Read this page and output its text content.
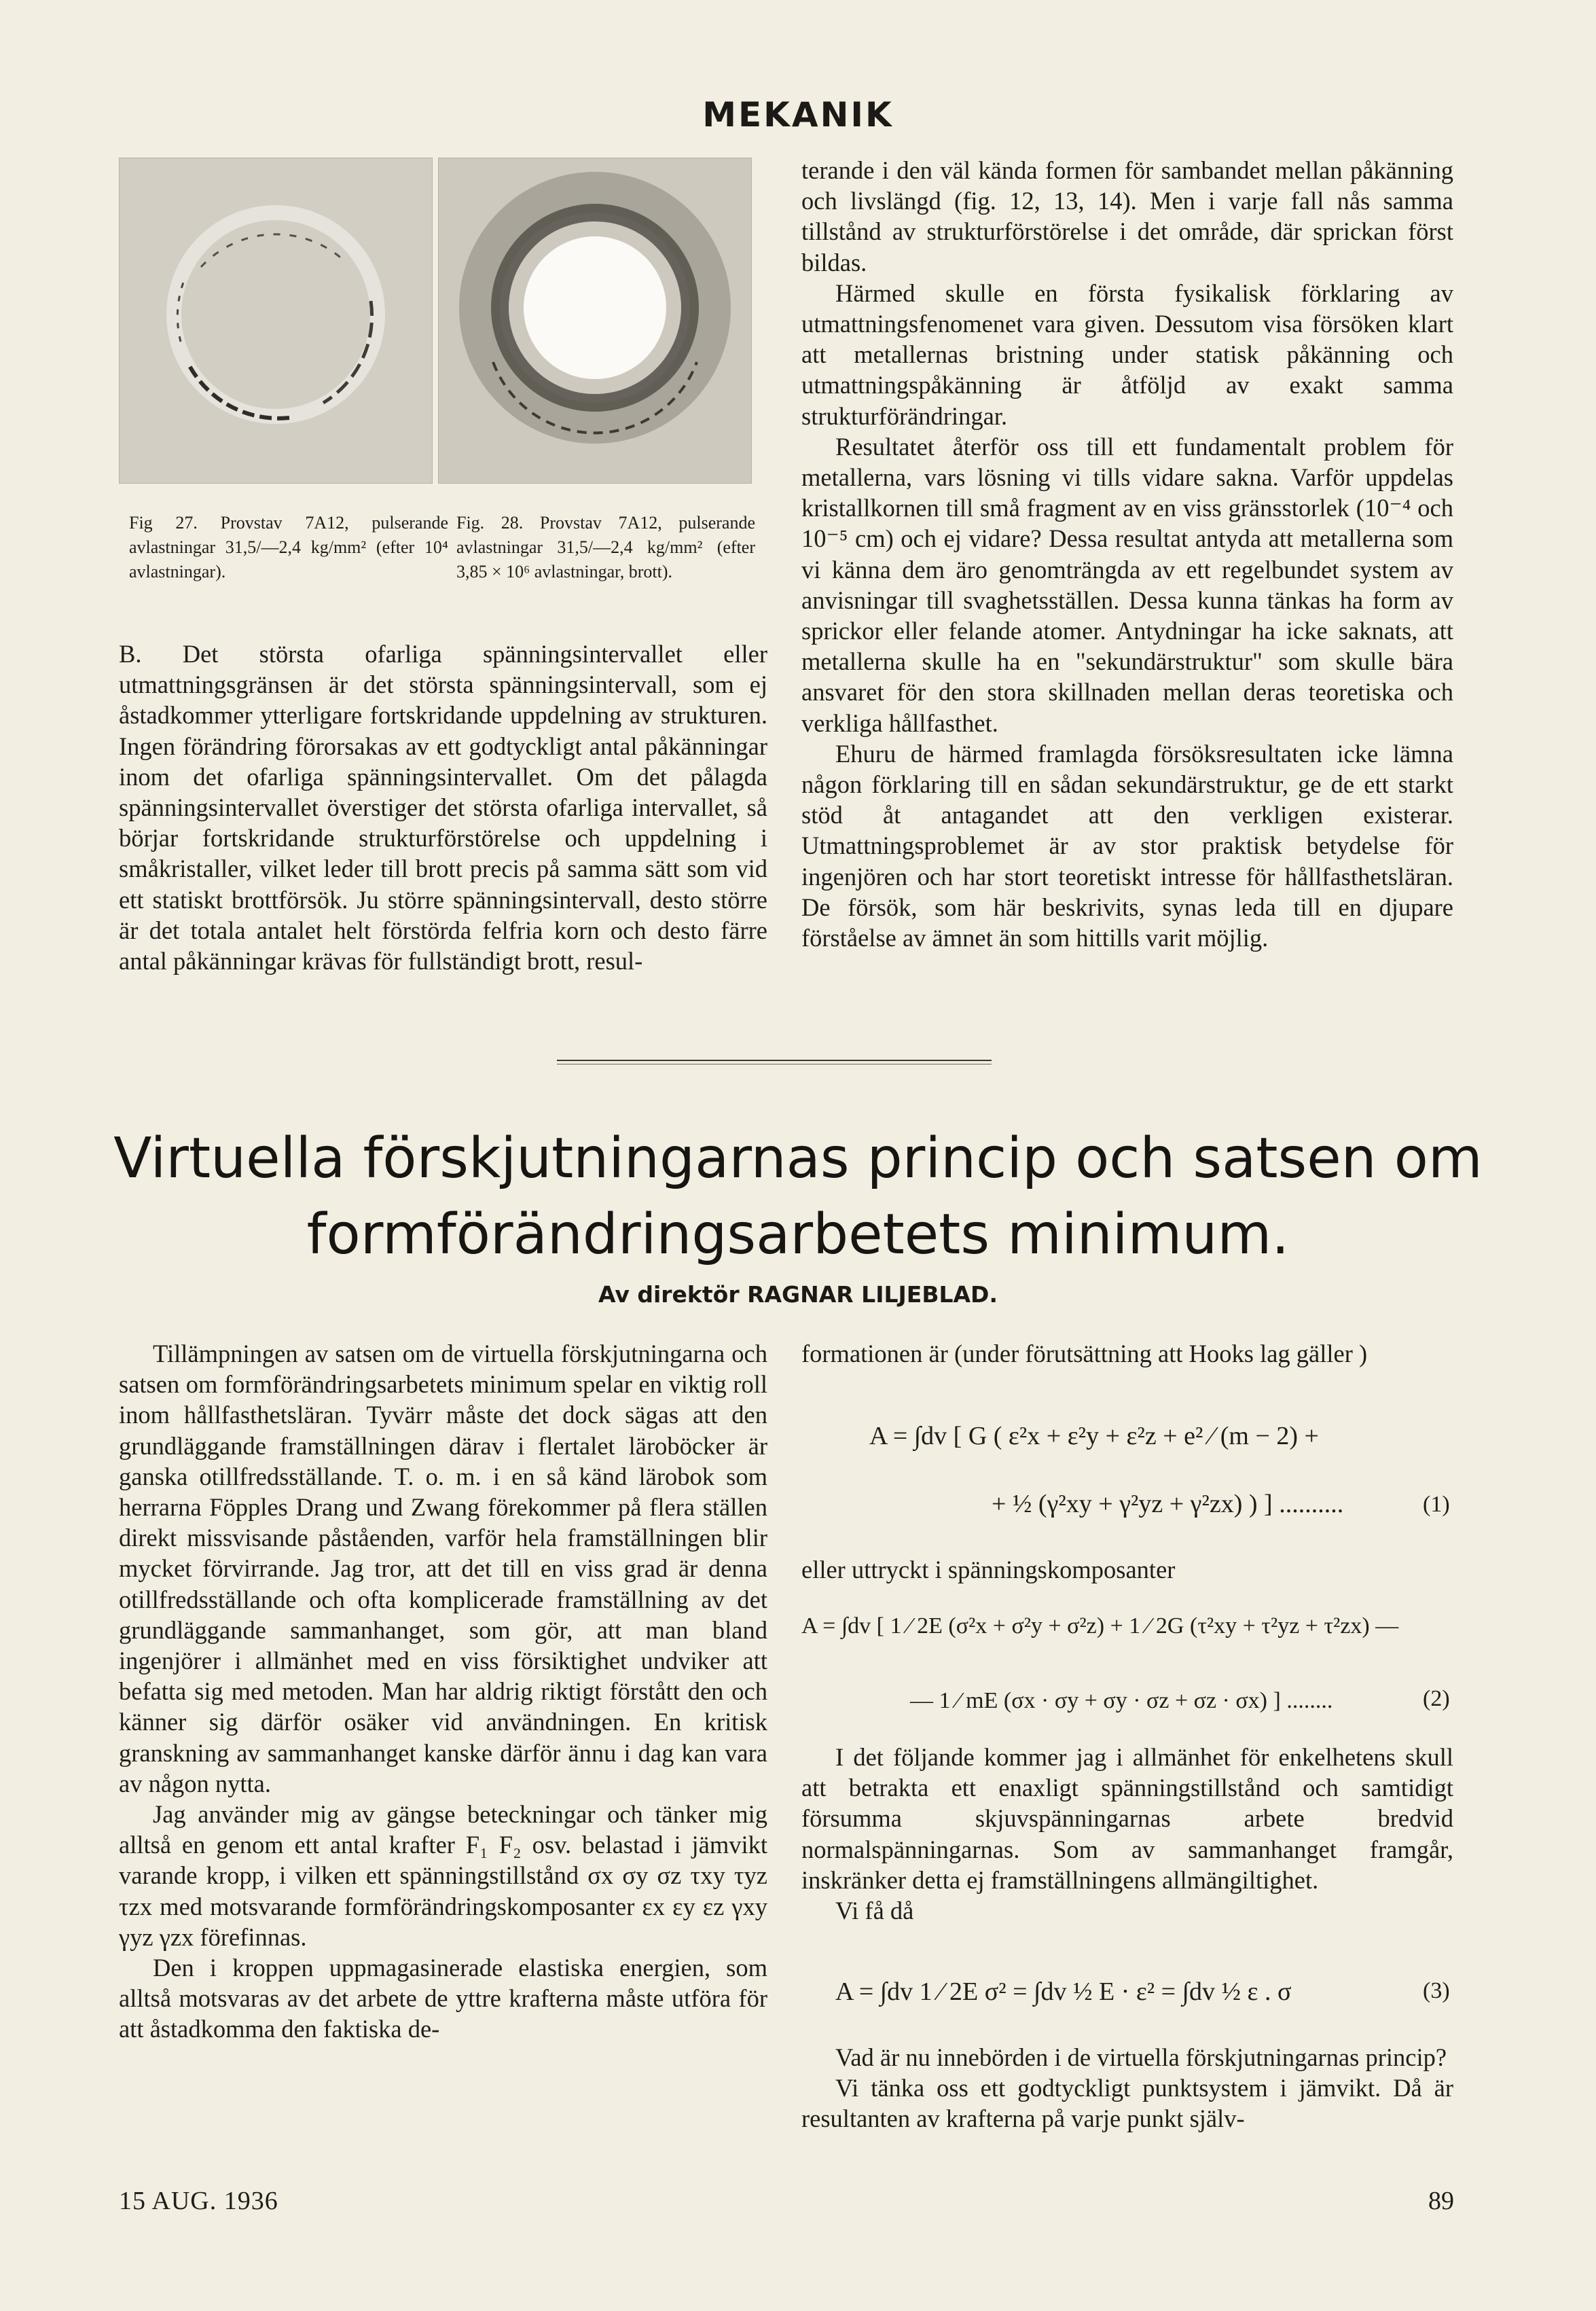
MEKANIK
Fig 27. Provstav 7A12, pulserande avlastningar 31,5/—2,4 kg/mm² (efter 10⁴ avlastningar).
Fig. 28. Provstav 7A12, pulserande avlastningar 31,5/—2,4 kg/mm² (efter 3,85 × 10⁶ avlastningar, brott).

B. Det största ofarliga spänningsintervallet eller utmattningsgränsen är det största spänningsintervall, som ej åstadkommer ytterligare fortskridande uppdelning av strukturen. Ingen förändring förorsakas av ett godtyckligt antal påkänningar inom det ofarliga spänningsintervallet. Om det pålagda spänningsintervallet överstiger det största ofarliga intervallet, så börjar fortskridande strukturförstörelse och uppdelning i småkristaller, vilket leder till brott precis på samma sätt som vid ett statiskt brottförsök. Ju större spänningsintervall, desto större är det totala antalet helt förstörda felfria korn och desto färre antal påkänningar krävas för fullständigt brott, resul-

terande i den väl kända formen för sambandet mellan påkänning och livslängd (fig. 12, 13, 14). Men i varje fall nås samma tillstånd av strukturförstörelse i det område, där sprickan först bildas.

Härmed skulle en första fysikalisk förklaring av utmattningsfenomenet vara given. Dessutom visa försöken klart att metallernas bristning under statisk påkänning och utmattningspåkänning är åtföljd av exakt samma strukturförändringar.

Resultatet återför oss till ett fundamentalt problem för metallerna, vars lösning vi tills vidare sakna. Varför uppdelas kristallkornen till små fragment av en viss gränsstorlek (10⁻⁴ och 10⁻⁵ cm) och ej vidare? Dessa resultat antyda att metallerna som vi känna dem äro genomträngda av ett regelbundet system av anvisningar till svaghetsställen. Dessa kunna tänkas ha form av sprickor eller felande atomer. Antydningar ha icke saknats, att metallerna skulle ha en "sekundärstruktur" som skulle bära ansvaret för den stora skillnaden mellan deras teoretiska och verkliga hållfasthet.

Ehuru de härmed framlagda försöksresultaten icke lämna någon förklaring till en sådan sekundärstruktur, ge de ett starkt stöd åt antagandet att den verkligen existerar. Utmattningsproblemet är av stor praktisk betydelse för ingenjören och har stort teoretiskt intresse för hållfasthetsläran. De försök, som här beskrivits, synas leda till en djupare förståelse av ämnet än som hittills varit möjlig.

Virtuella förskjutningarnas princip och satsen om
formförändringsarbetets minimum.
Av direktör RAGNAR LILJEBLAD.

Tillämpningen av satsen om de virtuella förskjutningarna och satsen om formförändringsarbetets minimum spelar en viktig roll inom hållfasthetsläran. Tyvärr måste det dock sägas att den grundläggande framställningen därav i flertalet läroböcker är ganska otillfredsställande. T. o. m. i en så känd lärobok som herrarna Föpples Drang und Zwang förekommer på flera ställen direkt missvisande påståenden, varför hela framställningen blir mycket förvirrande. Jag tror, att det till en viss grad är denna otillfredsställande och ofta komplicerade framställning av det grundläggande sammanhanget, som gör, att man bland ingenjörer i allmänhet med en viss försiktighet undviker att befatta sig med metoden. Man har aldrig riktigt förstått den och känner sig därför osäker vid användningen. En kritisk granskning av sammanhanget kanske därför ännu i dag kan vara av någon nytta.

Jag använder mig av gängse beteckningar och tänker mig alltså en genom ett antal krafter F₁ F₂ osv. belastad i jämvikt varande kropp, i vilken ett spänningstillstånd σx σy σz τxy τyz τzx med motsvarande formförändringskomposanter εx εy εz γxy γyz γzx förefinnas.

Den i kroppen uppmagasinerade elastiska energien, som alltså motsvaras av det arbete de yttre krafterna måste utföra för att åstadkomma den faktiska de-

formationen är (under förutsättning att Hooks lag gäller )

A = ∫dv [ G ( ε²x + ε²y + ε²z + e² ⁄ (m − 2) +
+ ½ (γ²xy + γ²yz + γ²zx) ) ] ..........	(1)

eller uttryckt i spänningskomposanter

A = ∫dv [ 1 ⁄ 2E (σ²x + σ²y + σ²z) + 1 ⁄ 2G (τ²xy + τ²yz + τ²zx) —
— 1 ⁄ mE (σx · σy + σy · σz + σz · σx) ] ........	(2)

I det följande kommer jag i allmänhet för enkelhetens skull att betrakta ett enaxligt spänningstillstånd och samtidigt försumma skjuvspänningarnas arbete bredvid normalspänningarnas. Som av sammanhanget framgår, inskränker detta ej framställningens allmängiltighet.

Vi få då

A = ∫dv 1 ⁄ 2E σ² = ∫dv ½ E · ε² = ∫dv ½ ε . σ	(3)

Vad är nu innebörden i de virtuella förskjutningarnas princip?

Vi tänka oss ett godtyckligt punktsystem i jämvikt. Då är resultanten av krafterna på varje punkt själv-

15 AUG. 1936	89
